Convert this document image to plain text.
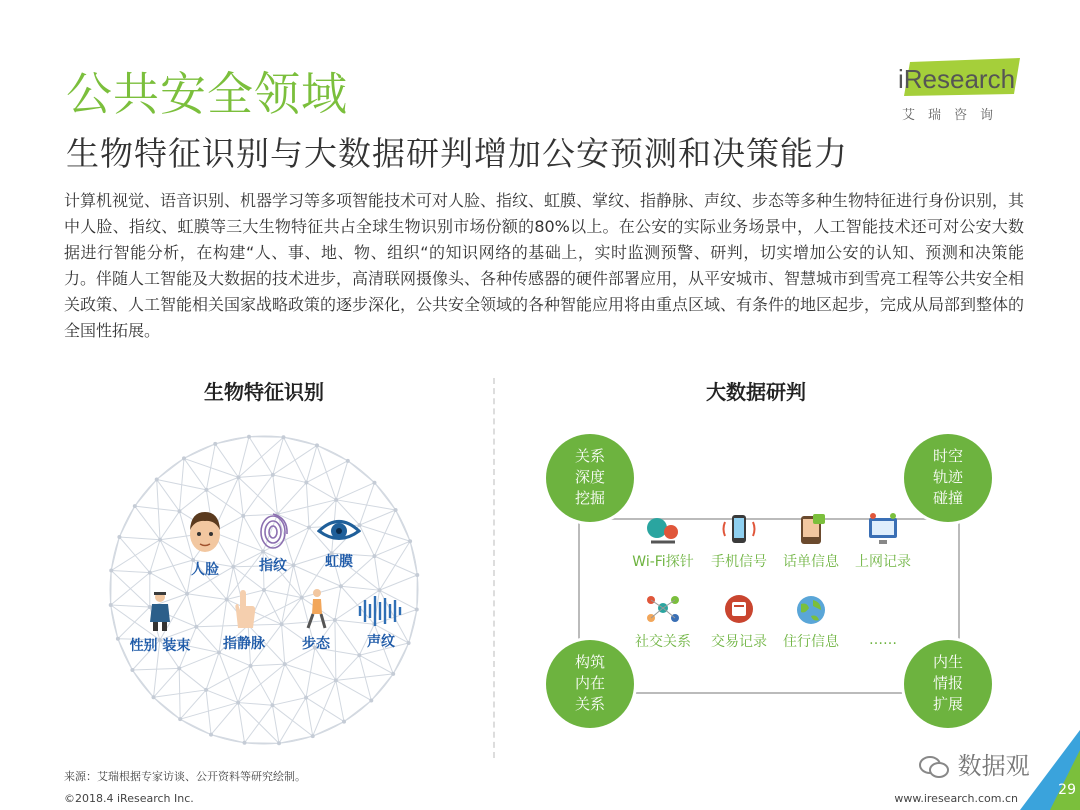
公共安全领域
生物特征识别与大数据研判增加公安预测和决策能力
iResearch
艾瑞咨询
计算机视觉、语音识别、机器学习等多项智能技术可对人脸、指纹、虹膜、掌纹、指静脉、声纹、步态等多种生物特征进行身份识别，其中人脸、指纹、虹膜等三大生物特征共占全球生物识别市场份额的80%以上。在公安的实际业务场景中，人工智能技术还可对公安大数据进行智能分析，在构建“人、事、地、物、组织“的知识网络的基础上，实时监测预警、研判，切实增加公安的认知、预测和决策能力。伴随人工智能及大数据的技术进步，高清联网摄像头、各种传感器的硬件部署应用，从平安城市、智慧城市到雪亮工程等公共安全相关政策、人工智能相关国家战略政策的逐步深化，公共安全领域的各种智能应用将由重点区域、有条件的地区起步，完成从局部到整体的全国性拓展。
生物特征识别
人脸	指纹	虹膜
性别 装束	指静脉	步态	声纹
大数据研判
关系
深度
挖掘
时空
轨迹
碰撞
构筑
内在
关系
内生
情报
扩展
Wi-Fi探针	手机信号	话单信息	上网记录
社交关系	交易记录	住行信息	……
来源：艾瑞根据专家访谈、公开资料等研究绘制。
©2018.4 iResearch Inc.	www.iresearch.com.cn
数据观
29
